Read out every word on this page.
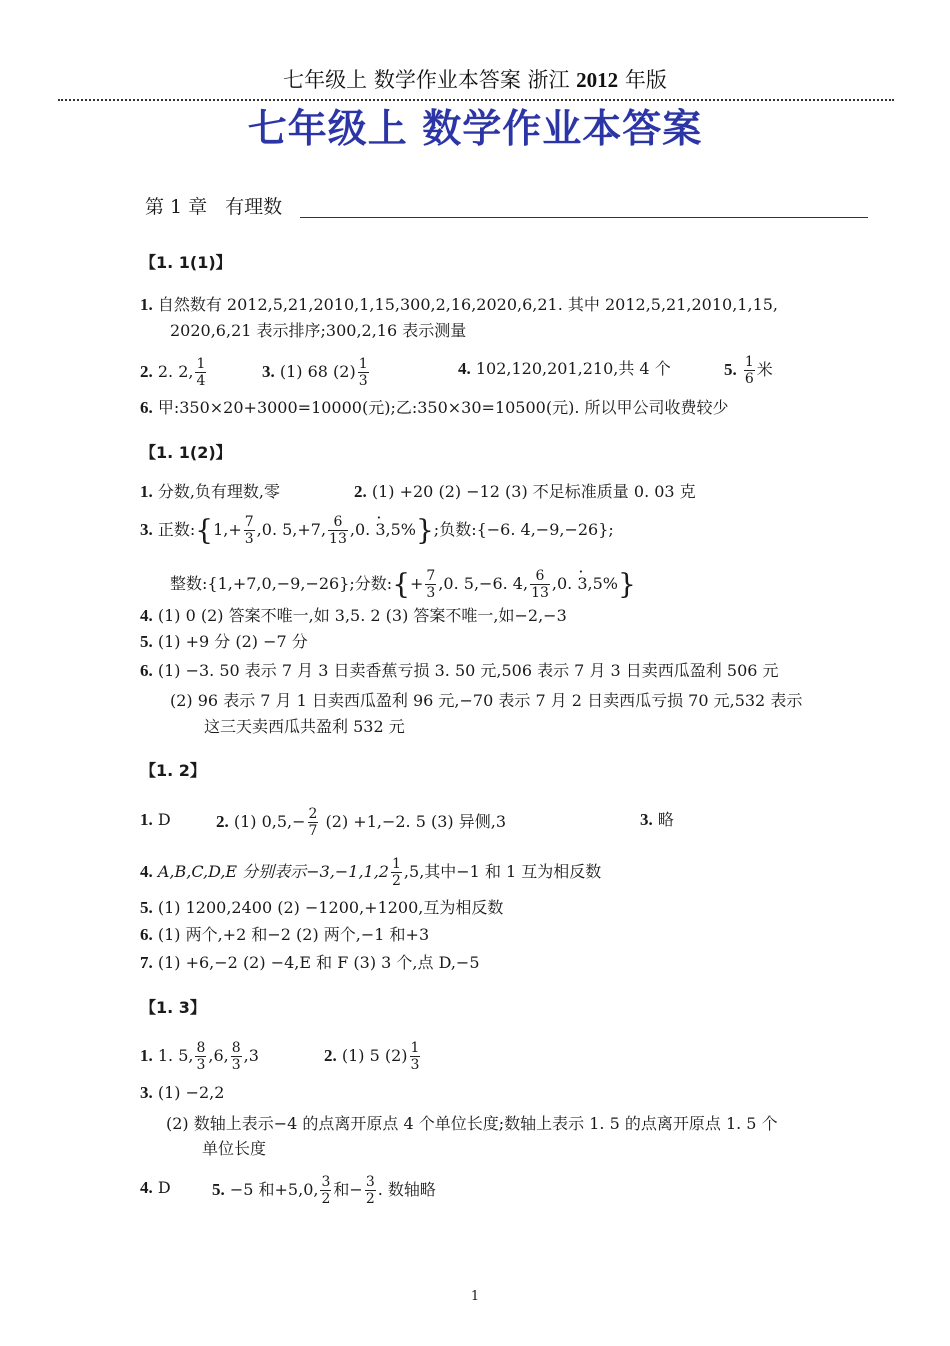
七年级上 数学作业本答案 浙江 2012 年版
七年级上 数学作业本答案
第 1 章 有理数
【1. 1(1)】
1. 自然数有 2012,5,21,2010,1,15,300,2,16,2020,6,21. 其中 2012,5,21,2010,1,15,
2020,6,21 表示排序;300,2,16 表示测量
2. 2. 2, $\frac{1}{4}$	3. (1) 68 $(2) \frac{1}{3}$	4. 102,120,201,210,共 4 个	5. $\frac{1}{6}$ 米
6. 甲:350×20+3000=10000(元);乙:350×30=10500(元). 所以甲公司收费较少
【1. 1(2)】
1. 分数,负有理数,零	2. (1) +20 (2) −12 (3) 不足标准质量 0. 03 克
3. 正数:{1,+ $\frac{7}{3} ,0$. 5,+7, $\frac{6}{13} ,0$. · 3,5%};负数:{−6. 4,−9,−26};
整数:{1,+7,0,−9,−26};分数:{+ $\frac{7}{3} ,0$. 5,−6. 4, $\frac{6}{13} ,0$. · 3,5%}
4. (1) 0 (2) 答案不唯一,如 3,5. 2 (3) 答案不唯一,如−2,−3
5. (1) +9 分 (2) −7 分
6. (1) −3. 50 表示 7 月 3 日卖香蕉亏损 3. 50 元,506 表示 7 月 3 日卖西瓜盈利 506 元
(2) 96 表示 7 月 1 日卖西瓜盈利 96 元,−70 表示 7 月 2 日卖西瓜亏损 70 元,532 表示
这三天卖西瓜共盈利 532 元
【1. 2】
1. D	2. (1) $0,5,- \frac{2}{7} (2) +1,-2$. 5 (3) 异侧,3	3. 略
4. A,B,C,D,E 分别表示$-3,-1,1,2 \frac{1}{2} ,5$,其中−1 和 1 互为相反数
5. (1) 1200,2400 (2) −1200,+1200,互为相反数
6. (1) 两个,+2 和−2 (2) 两个,−1 和+3
7. (1) +6,−2 (2) −4,E 和 F (3) 3 个,点 D,−5
【1. 3】
1. 1. 5, $\frac{8}{3} ,6$, $\frac{8}{3} ,3$	2. (1) 5 $(2) \frac{1}{3}$
3. (1) −2,2
(2) 数轴上表示−4 的点离开原点 4 个单位长度;数轴上表示 1. 5 的点离开原点 1. 5 个
单位长度
4. D 5. −5 和+5,0, $\frac{3}{2}$ 和− $\frac{3}{2}$ . 数轴略
1
